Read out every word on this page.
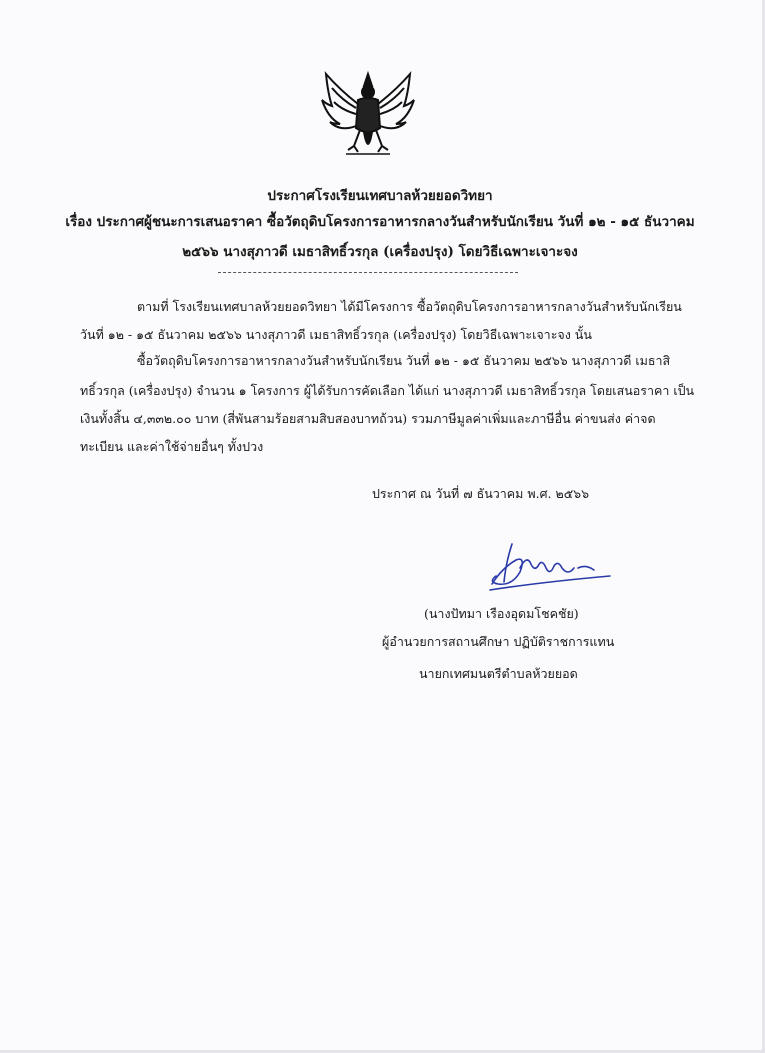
ประกาศโรงเรียนเทศบาลห้วยยอดวิทยา
เรื่อง ประกาศผู้ชนะการเสนอราคา ซื้อวัตถุดิบโครงการอาหารกลางวันสำหรับนักเรียน วันที่ ๑๒ - ๑๕ ธันวาคม
๒๕๖๖ นางสุภาวดี เมธาสิทธิ์วรกุล (เครื่องปรุง) โดยวิธีเฉพาะเจาะจง
ตามที่ โรงเรียนเทศบาลห้วยยอดวิทยา ได้มีโครงการ ซื้อวัตถุดิบโครงการอาหารกลางวันสำหรับนักเรียน
วันที่ ๑๒ - ๑๕ ธันวาคม ๒๕๖๖ นางสุภาวดี เมธาสิทธิ์วรกุล (เครื่องปรุง) โดยวิธีเฉพาะเจาะจง นั้น
ซื้อวัตถุดิบโครงการอาหารกลางวันสำหรับนักเรียน วันที่ ๑๒ - ๑๕ ธันวาคม ๒๕๖๖ นางสุภาวดี เมธาสิ
ทธิ์วรกุล (เครื่องปรุง) จำนวน ๑ โครงการ ผู้ได้รับการคัดเลือก ได้แก่ นางสุภาวดี เมธาสิทธิ์วรกุล โดยเสนอราคา เป็น
เงินทั้งสิ้น ๔,๓๓๒.๐๐ บาท (สี่พันสามร้อยสามสิบสองบาทถ้วน) รวมภาษีมูลค่าเพิ่มและภาษีอื่น ค่าขนส่ง ค่าจด
ทะเบียน และค่าใช้จ่ายอื่นๆ ทั้งปวง
ประกาศ ณ วันที่ ๗ ธันวาคม พ.ศ. ๒๕๖๖
(นางปัทมา เรืองอุดมโชคชัย)
ผู้อำนวยการสถานศึกษา ปฏิบัติราชการแทน
นายกเทศมนตรีตำบลห้วยยอด
